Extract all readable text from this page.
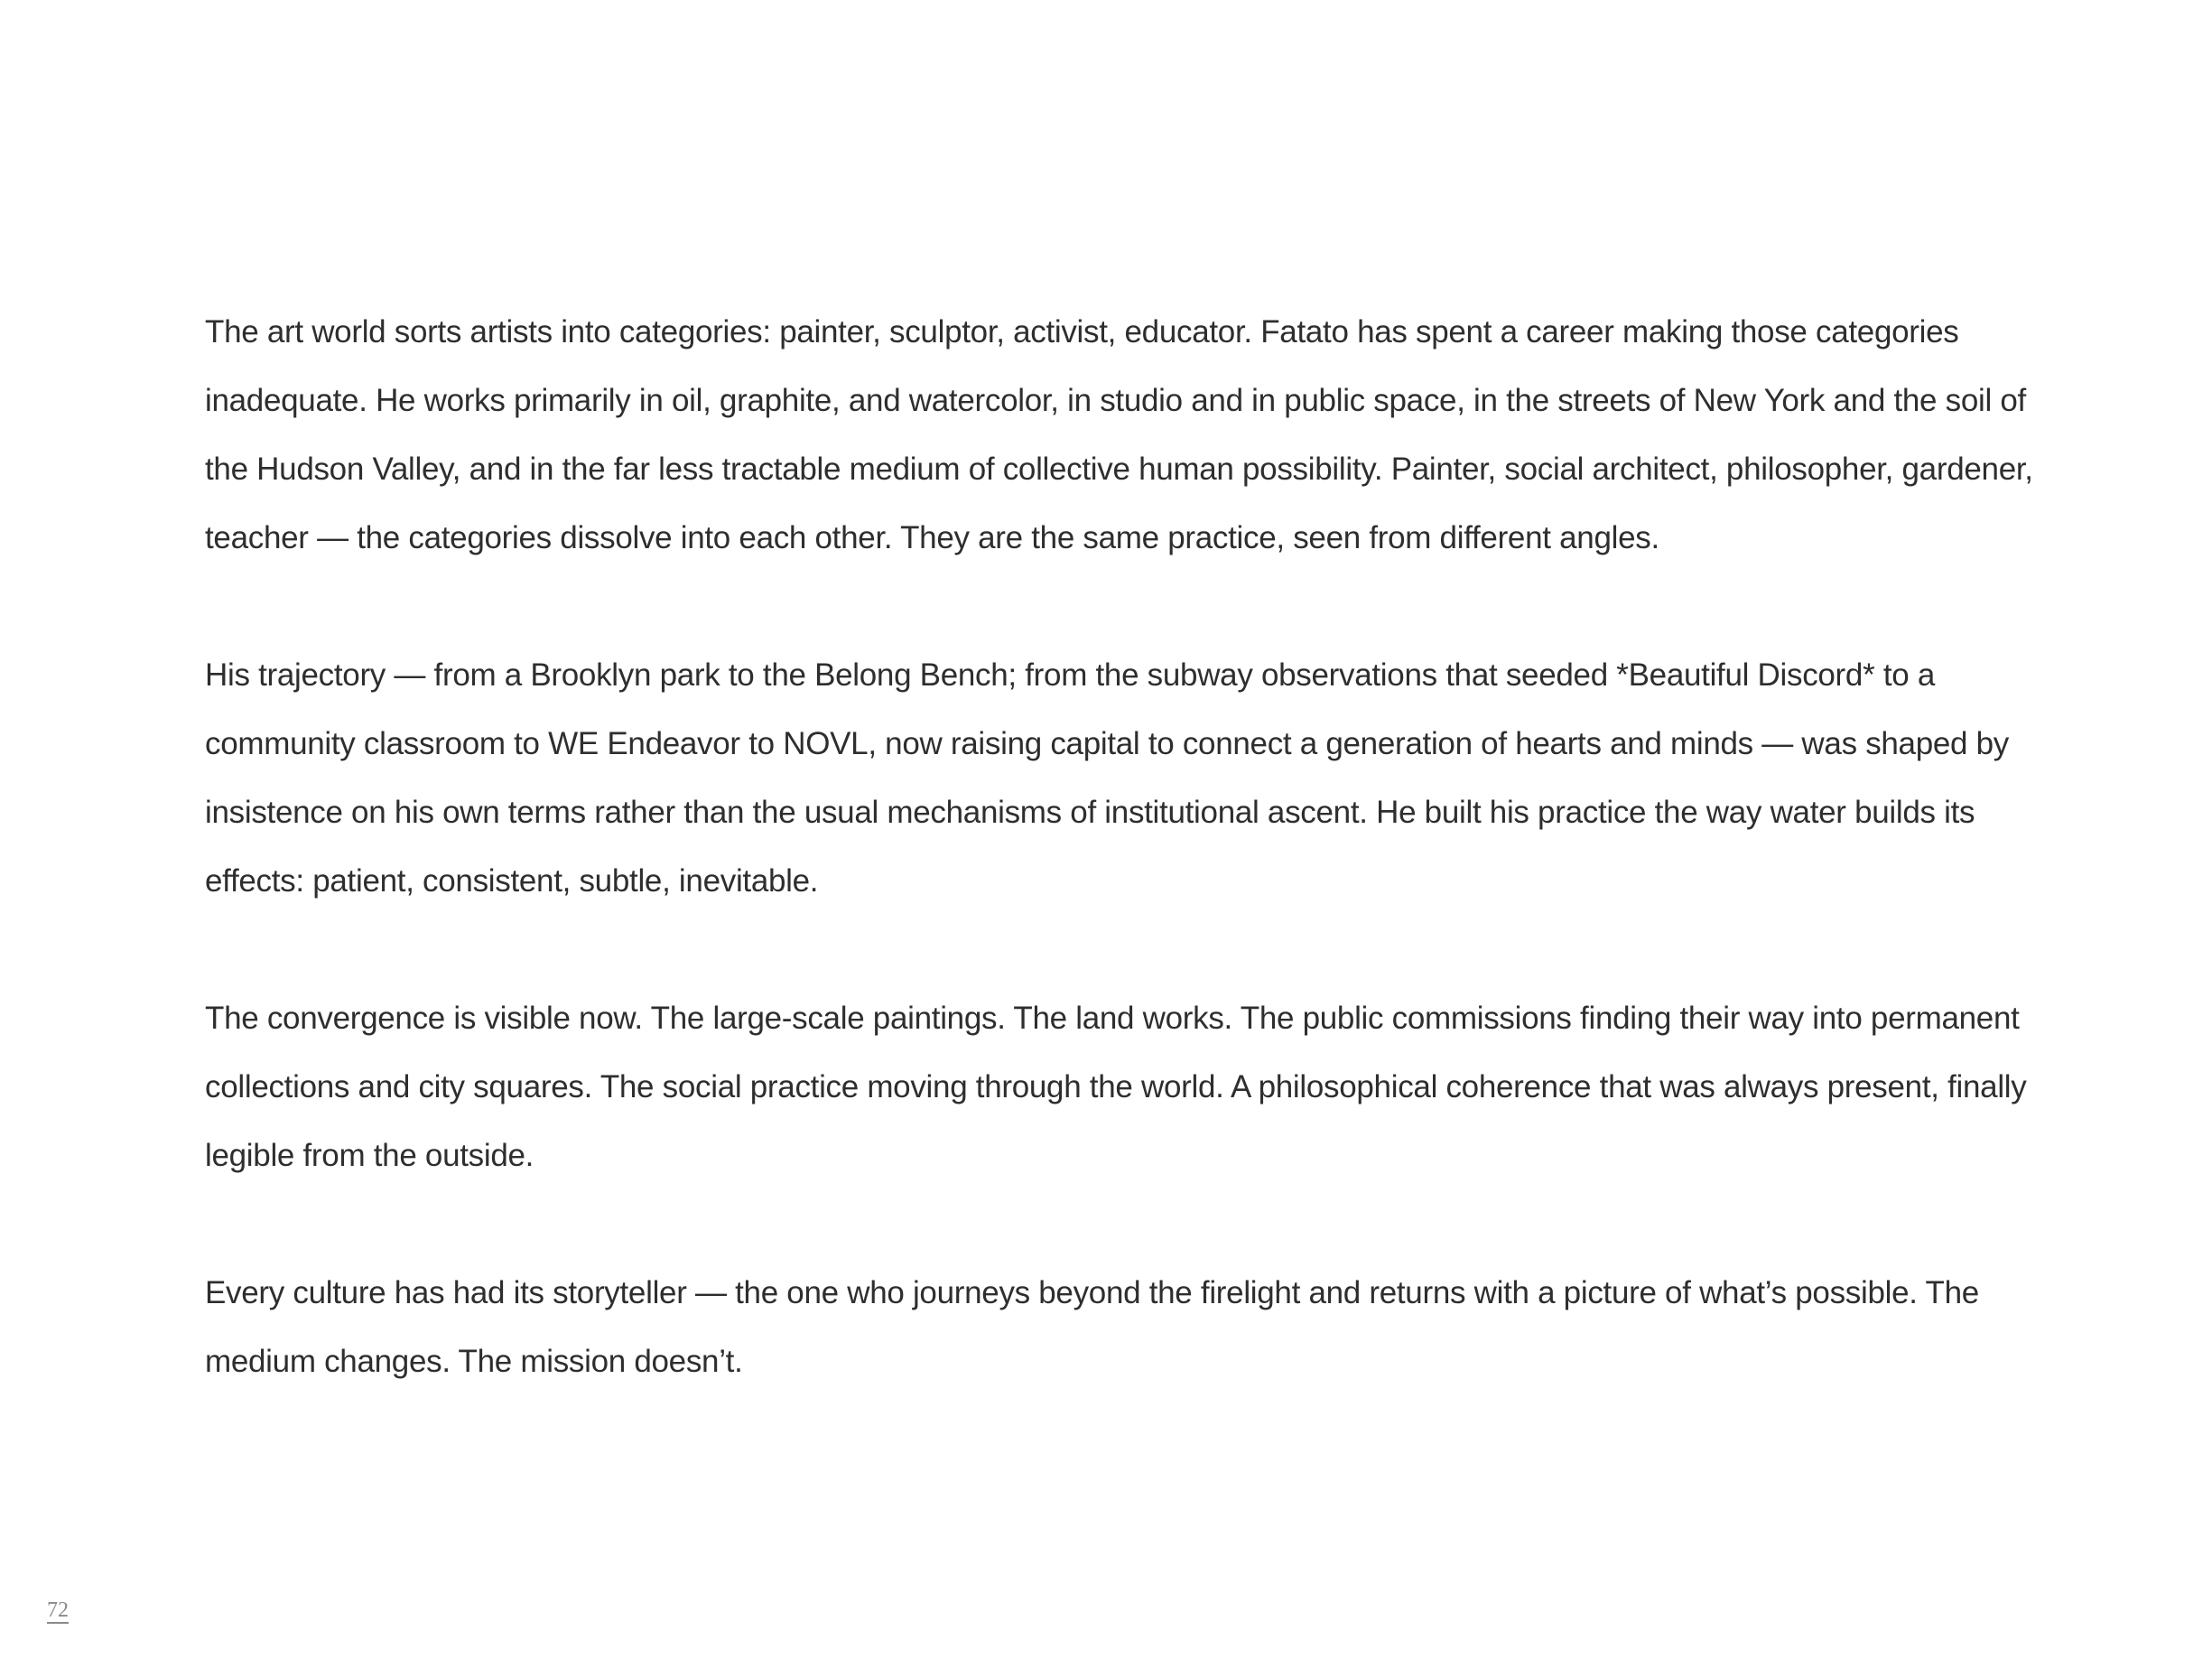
The art world sorts artists into categories: painter, sculptor, activist, educator. Fatato has spent a career making those categories inadequate. He works primarily in oil, graphite, and watercolor, in studio and in public space, in the streets of New York and the soil of the Hudson Valley, and in the far less tractable medium of collective human possibility. Painter, social architect, philosopher, gardener, teacher — the categories dissolve into each other. They are the same practice, seen from different angles.

His trajectory — from a Brooklyn park to the Belong Bench; from the subway observations that seeded *Beautiful Discord* to a community classroom to WE Endeavor to NOVL, now raising capital to connect a generation of hearts and minds — was shaped by insistence on his own terms rather than the usual mechanisms of institutional ascent. He built his practice the way water builds its effects: patient, consistent, subtle, inevitable.

The convergence is visible now. The large-scale paintings. The land works. The public commissions finding their way into permanent collections and city squares. The social practice moving through the world. A philosophical coherence that was always present, finally legible from the outside.

Every culture has had its storyteller — the one who journeys beyond the firelight and returns with a picture of what’s possible. The medium changes. The mission doesn’t.

72
